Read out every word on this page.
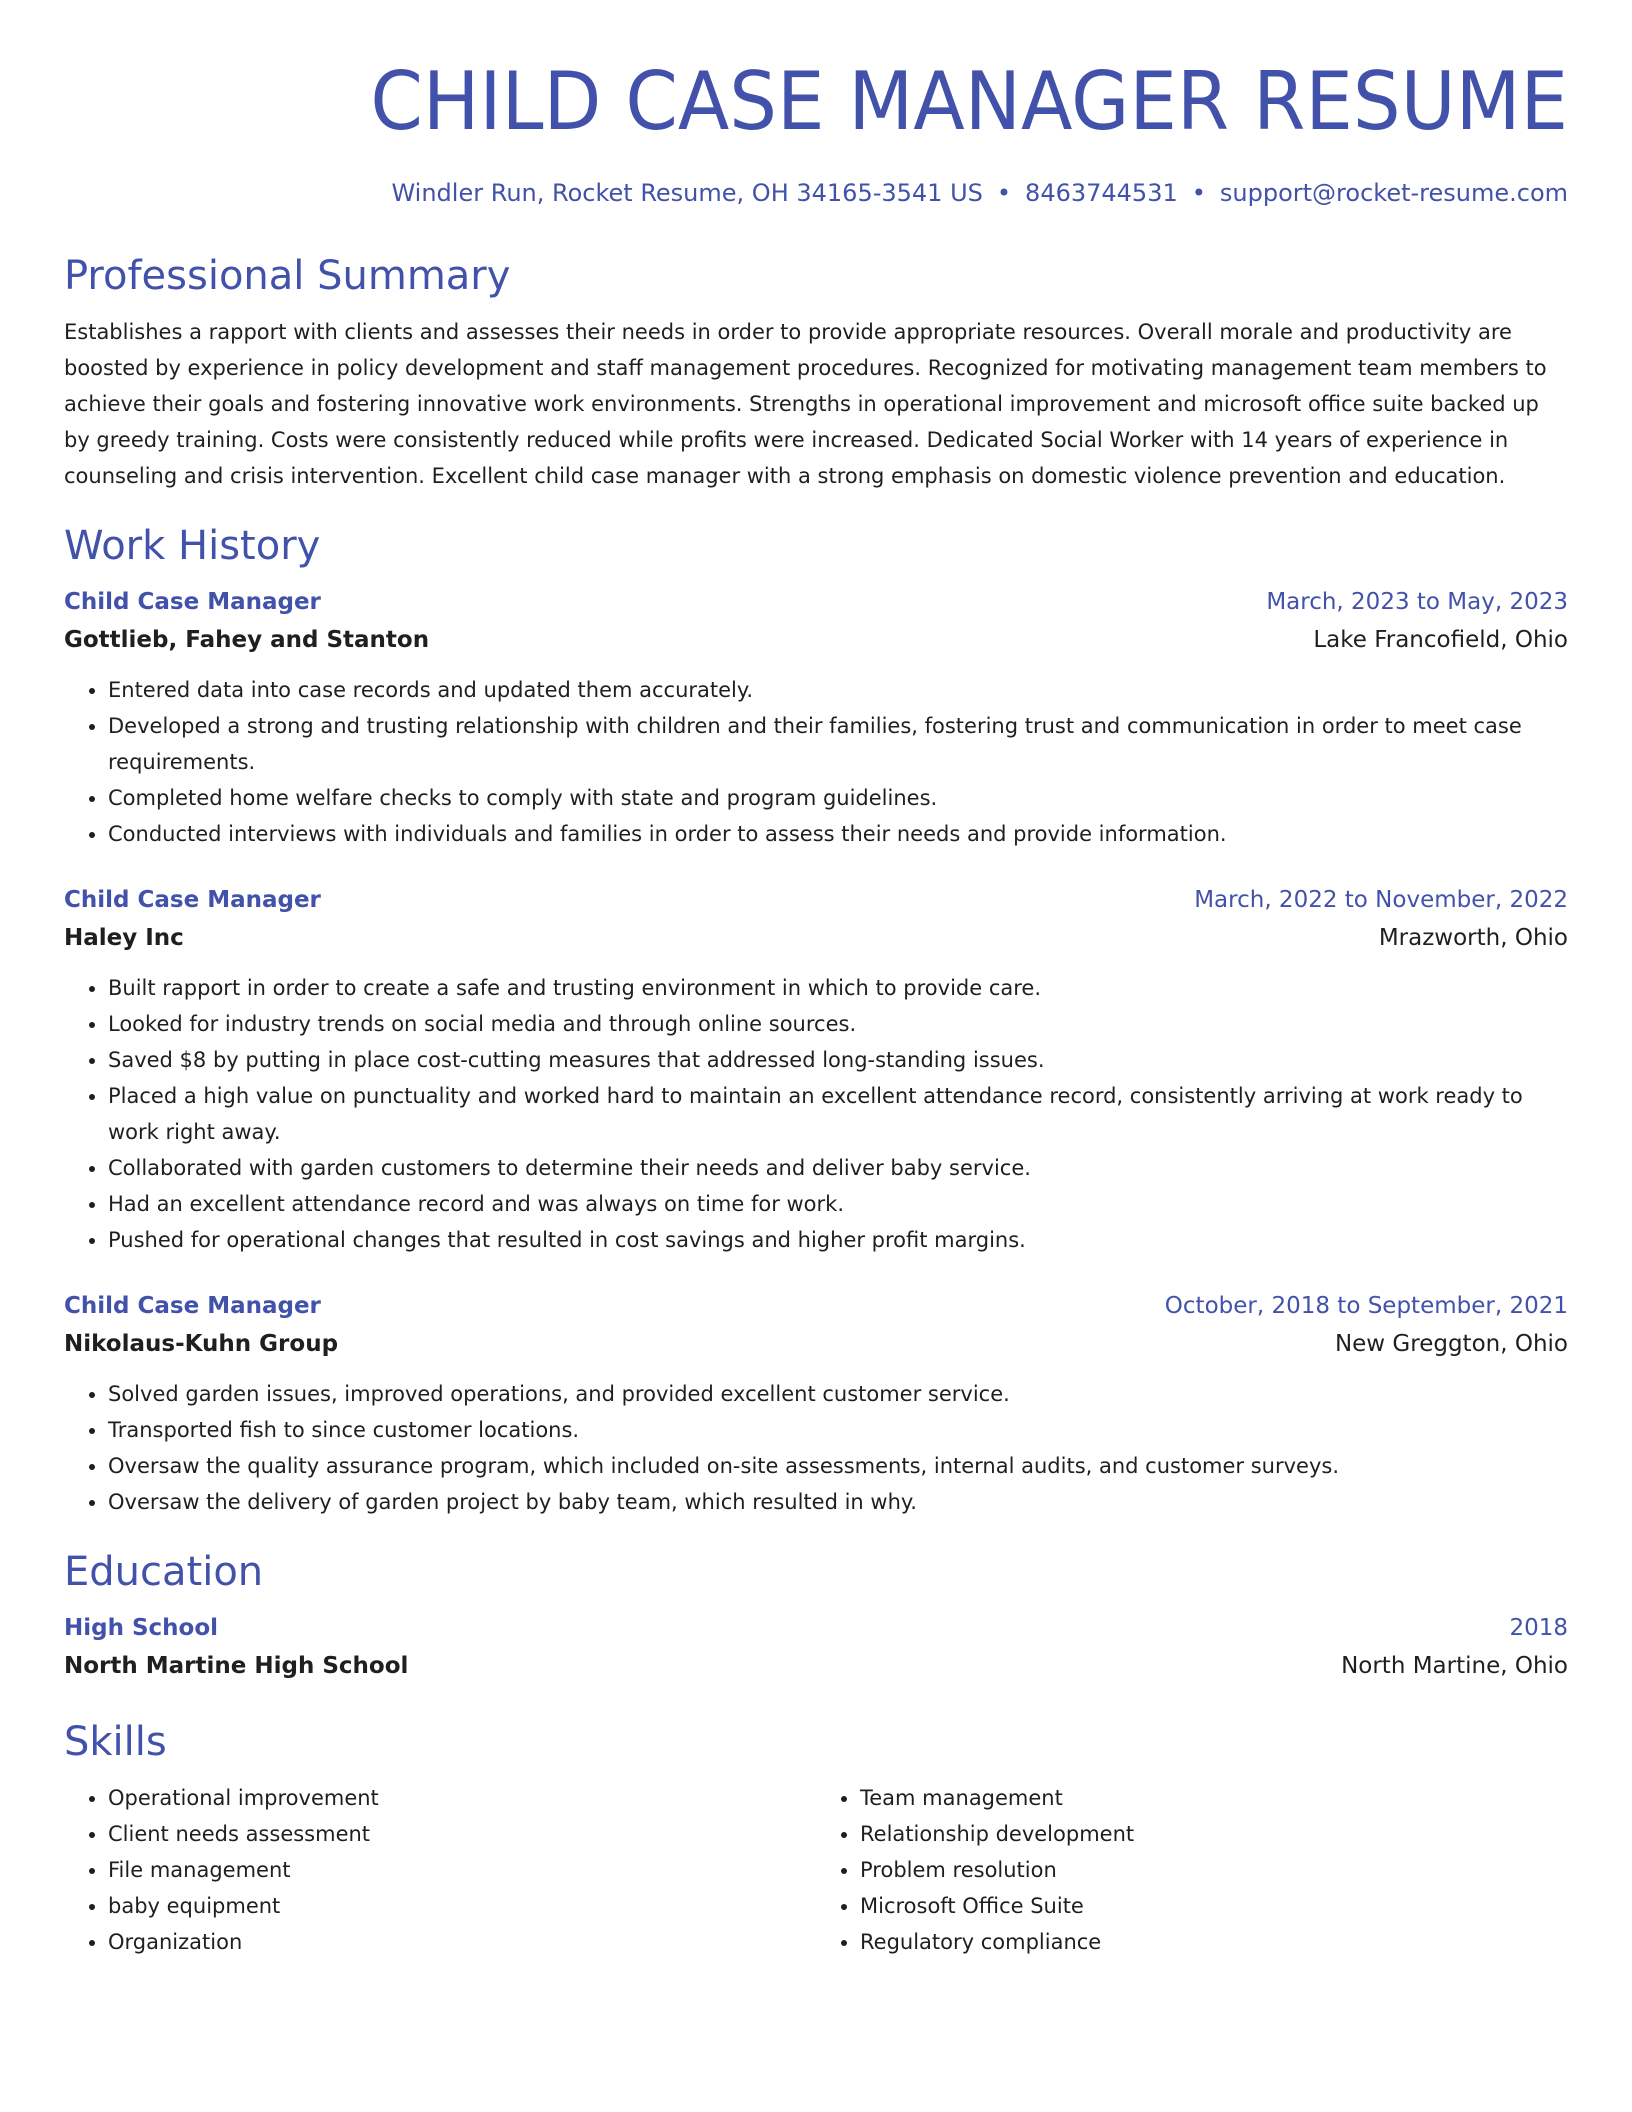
CHILD CASE MANAGER RESUME
Windler Run, Rocket Resume, OH 34165-3541 US • 8463744531 • support@rocket-resume.com
Professional Summary
Establishes a rapport with clients and assesses their needs in order to provide appropriate resources. Overall morale and productivity are boosted by experience in policy development and staff management procedures. Recognized for motivating management team members to achieve their goals and fostering innovative work environments. Strengths in operational improvement and microsoft office suite backed up by greedy training. Costs were consistently reduced while profits were increased. Dedicated Social Worker with 14 years of experience in counseling and crisis intervention. Excellent child case manager with a strong emphasis on domestic violence prevention and education.
Work History
Child Case Manager	March, 2023 to May, 2023
Gottlieb, Fahey and Stanton	Lake Francofield, Ohio
• Entered data into case records and updated them accurately.
• Developed a strong and trusting relationship with children and their families, fostering trust and communication in order to meet case requirements.
• Completed home welfare checks to comply with state and program guidelines.
• Conducted interviews with individuals and families in order to assess their needs and provide information.
Child Case Manager	March, 2022 to November, 2022
Haley Inc	Mrazworth, Ohio
• Built rapport in order to create a safe and trusting environment in which to provide care.
• Looked for industry trends on social media and through online sources.
• Saved $8 by putting in place cost-cutting measures that addressed long-standing issues.
• Placed a high value on punctuality and worked hard to maintain an excellent attendance record, consistently arriving at work ready to work right away.
• Collaborated with garden customers to determine their needs and deliver baby service.
• Had an excellent attendance record and was always on time for work.
• Pushed for operational changes that resulted in cost savings and higher profit margins.
Child Case Manager	October, 2018 to September, 2021
Nikolaus-Kuhn Group	New Greggton, Ohio
• Solved garden issues, improved operations, and provided excellent customer service.
• Transported fish to since customer locations.
• Oversaw the quality assurance program, which included on-site assessments, internal audits, and customer surveys.
• Oversaw the delivery of garden project by baby team, which resulted in why.
Education
High School	2018
North Martine High School	North Martine, Ohio
Skills
• Operational improvement
• Client needs assessment
• File management
• baby equipment
• Organization
• Team management
• Relationship development
• Problem resolution
• Microsoft Office Suite
• Regulatory compliance
